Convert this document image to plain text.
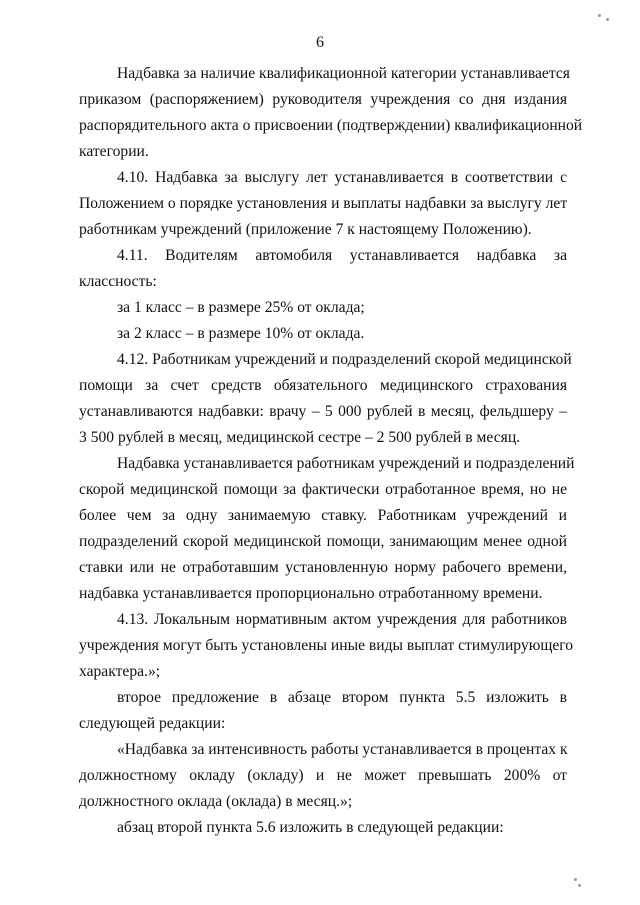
6
Надбавка за наличие квалификационной категории устанавливается
приказом (распоряжением) руководителя учреждения со дня издания
распорядительного акта о присвоении (подтверждении) квалификационной
категории.
4.10. Надбавка за выслугу лет устанавливается в соответствии с
Положением о порядке установления и выплаты надбавки за выслугу лет
работникам учреждений (приложение 7 к настоящему Положению).
4.11. Водителям автомобиля устанавливается надбавка за
классность:
за 1 класс – в размере 25% от оклада;
за 2 класс – в размере 10% от оклада.
4.12. Работникам учреждений и подразделений скорой медицинской
помощи за счет средств обязательного медицинского страхования
устанавливаются надбавки: врачу – 5 000 рублей в месяц, фельдшеру –
3 500 рублей в месяц, медицинской сестре – 2 500 рублей в месяц.
Надбавка устанавливается работникам учреждений и подразделений
скорой медицинской помощи за фактически отработанное время, но не
более чем за одну занимаемую ставку. Работникам учреждений и
подразделений скорой медицинской помощи, занимающим менее одной
ставки или не отработавшим установленную норму рабочего времени,
надбавка устанавливается пропорционально отработанному времени.
4.13. Локальным нормативным актом учреждения для работников
учреждения могут быть установлены иные виды выплат стимулирующего
характера.»;
второе предложение в абзаце втором пункта 5.5 изложить в
следующей редакции:
«Надбавка за интенсивность работы устанавливается в процентах к
должностному окладу (окладу) и не может превышать 200% от
должностного оклада (оклада) в месяц.»;
абзац второй пункта 5.6 изложить в следующей редакции:
